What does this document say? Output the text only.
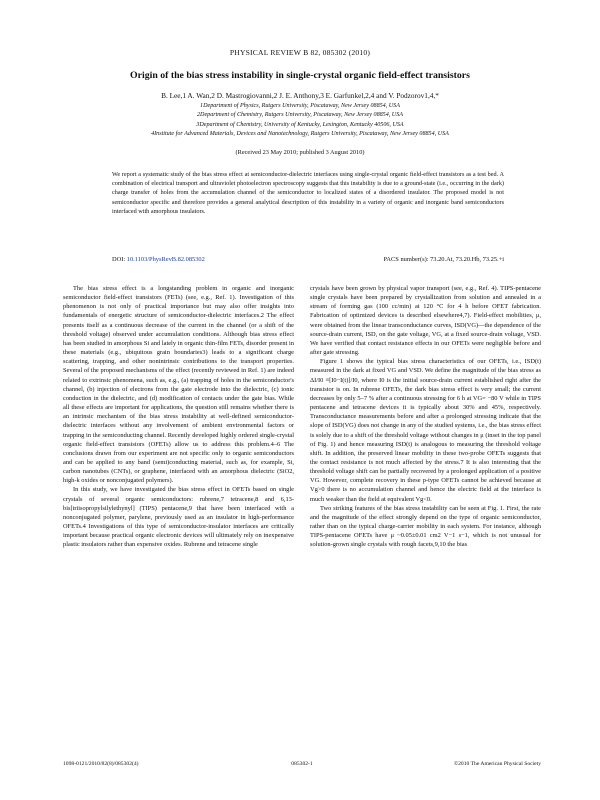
PHYSICAL REVIEW B 82, 085302 (2010)
Origin of the bias stress instability in single-crystal organic field-effect transistors
B. Lee,1 A. Wan,2 D. Mastrogiovanni,2 J. E. Anthony,3 E. Garfunkel,2,4 and V. Podzorov1,4,*
1Department of Physics, Rutgers University, Piscataway, New Jersey 08854, USA
2Department of Chemistry, Rutgers University, Piscataway, New Jersey 08854, USA
3Department of Chemistry, University of Kentucky, Lexington, Kentucky 40506, USA
4Institute for Advanced Materials, Devices and Nanotechnology, Rutgers University, Piscataway, New Jersey 08854, USA
(Received 23 May 2010; published 3 August 2010)
We report a systematic study of the bias stress effect at semiconductor-dielectric interfaces using single-crystal organic field-effect transistors as a test bed. A combination of electrical transport and ultraviolet photoelectron spectroscopy suggests that this instability is due to a ground-state (i.e., occurring in the dark) charge transfer of holes from the accumulation channel of the semiconductor to localized states of a disordered insulator. The proposed model is not semiconductor specific and therefore provides a general analytical description of this instability in a variety of organic and inorganic band semiconductors interfaced with amorphous insulators.
DOI: 10.1103/PhysRevB.82.085302	PACS number(s): 73.20.At, 73.20.Hb, 73.25.+i

The bias stress effect is a longstanding problem in organic and inorganic semiconductor field-effect transistors (FETs) (see, e.g., Ref. 1). Investigation of this phenomenon is not only of practical importance but may also offer insights into fundamentals of energetic structure of semiconductor-dielectric interfaces.2 The effect presents itself as a continuous decrease of the current in the channel (or a shift of the threshold voltage) observed under accumulation conditions. Although bias stress effect has been studied in amorphous Si and lately in organic thin-film FETs, disorder present in these materials (e.g., ubiquitous grain boundaries3) leads to a significant charge scattering, trapping, and other nonintrinsic contributions to the transport properties. Several of the proposed mechanisms of the effect (recently reviewed in Ref. 1) are indeed related to extrinsic phenomena, such as, e.g., (a) trapping of holes in the semiconductor's channel, (b) injection of electrons from the gate electrode into the dielectric, (c) ionic conduction in the dielectric, and (d) modification of contacts under the gate bias. While all these effects are important for applications, the question still remains whether there is an intrinsic mechanism of the bias stress instability at well-defined semiconductor-dielectric interfaces without any involvement of ambient environmental factors or trapping in the semiconducting channel. Recently developed highly ordered single-crystal organic field-effect transistors (OFETs) allow us to address this problem.4–6 The conclusions drawn from our experiment are not specific only to organic semiconductors and can be applied to any band (semi)conducting material, such as, for example, Si, carbon nanotubes (CNTs), or graphene, interfaced with an amorphous dielectric (SiO2, high-k oxides or nonconjugated polymers).

In this study, we have investigated the bias stress effect in OFETs based on single crystals of several organic semiconductors: rubrene,7 tetracene,8 and 6,13-bis[triisopropylsilylethynyl] (TIPS) pentacene,9 that have been interfaced with a nonconjugated polymer, parylene, previously used as an insulator in high-performance OFETs.4 Investigations of this type of semiconductor-insulator interfaces are critically important because practical organic electronic devices will ultimately rely on inexpensive plastic insulators rather than expensive oxides. Rubrene and tetracene single

crystals have been grown by physical vapor transport (see, e.g., Ref. 4). TIPS-pentacene single crystals have been prepared by crystallization from solution and annealed in a stream of forming gas (100 cc/min) at 120 °C for 4 h before OFET fabrication. Fabrication of optimized devices is described elsewhere4,7). Field-effect mobilities, μ, were obtained from the linear transconductance curves, ISD(VG)—the dependence of the source-drain current, ISD, on the gate voltage, VG, at a fixed source-drain voltage, VSD. We have verified that contact resistance effects in our OFETs were negligible before and after gate stressing.

Figure 1 shows the typical bias stress characteristics of our OFETs, i.e., ISD(t) measured in the dark at fixed VG and VSD. We define the magnitude of the bias stress as ΔI/I0 ≡[I0−I(t)]/I0, where I0 is the initial source-drain current established right after the transistor is on. In rubrene OFETs, the dark bias stress effect is very small; the current decreases by only 5–7 % after a continuous stressing for 6 h at VG= −80 V while in TIPS pentacene and tetracene devices it is typically about 30% and 45%, respectively. Transconductance measurements before and after a prolonged stressing indicate that the slope of ISD(VG) does not change in any of the studied systems, i.e., the bias stress effect is solely due to a shift of the threshold voltage without changes in μ (inset in the top panel of Fig. 1) and hence measuring ISD(t) is analogous to measuring the threshold voltage shift. In addition, the preserved linear mobility in these two-probe OFETs suggests that the contact resistance is not much affected by the stress.7 It is also interesting that the threshold voltage shift can be partially recovered by a prolonged application of a positive VG. However, complete recovery in these p-type OFETs cannot be achieved because at Vg>0 there is no accumulation channel and hence the electric field at the interface is much weaker than the field at equivalent Vg<0.

Two striking features of the bias stress instability can be seen at Fig. 1. First, the rate and the magnitude of the effect strongly depend on the type of organic semiconductor, rather than on the typical charge-carrier mobility in each system. For instance, although TIPS-pentacene OFETs have μ ~0.05±0.01 cm2 V−1 s−1, which is not unusual for solution-grown single crystals with rough facets,9,10 the bias

1098-0121/2010/82(8)/085302(4)	085302-1	©2010 The American Physical Society
